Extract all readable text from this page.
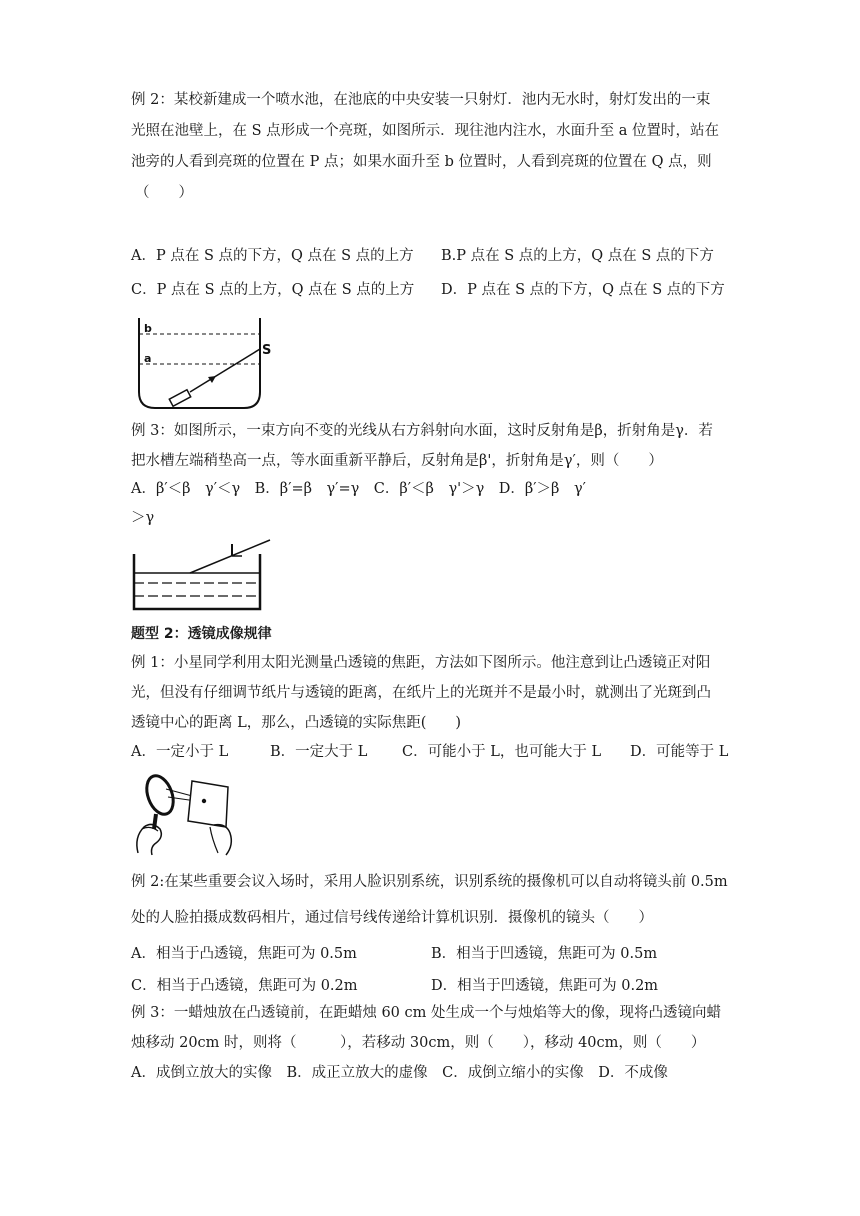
例 2：某校新建成一个喷水池，在池底的中央安装一只射灯．池内无水时，射灯发出的一束
光照在池壁上，在 S 点形成一个亮斑，如图所示．现往池内注水，水面升至 a 位置时，站在
池旁的人看到亮斑的位置在 P 点；如果水面升至 b 位置时，人看到亮斑的位置在 Q 点，则
（　　）
A．P 点在 S 点的下方，Q 点在 S 点的上方 B.P 点在 S 点的上方，Q 点在 S 点的下方
C．P 点在 S 点的上方，Q 点在 S 点的上方 D．P 点在 S 点的下方，Q 点在 S 点的下方
b
a
S
例 3：如图所示，一束方向不变的光线从右方斜射向水面，这时反射角是β，折射角是γ．若
把水槽左端稍垫高一点，等水面重新平静后，反射角是β'，折射角是γ′，则（　　）
A．β′＜β　γ′＜γ　B．β′=β　γ′=γ　C．β′＜β　γ'＞γ　D．β′＞β　γ′
＞γ
题型 2：透镜成像规律
例 1：小星同学利用太阳光测量凸透镜的焦距，方法如下图所示。他注意到让凸透镜正对阳
光，但没有仔细调节纸片与透镜的距离，在纸片上的光斑并不是最小时，就测出了光斑到凸
透镜中心的距离 L，那么，凸透镜的实际焦距(　　)
A．一定小于 L	B．一定大于 L C．可能小于 L，也可能大于 L D．可能等于 L
例 2:在某些重要会议入场时，采用人脸识别系统，识别系统的摄像机可以自动将镜头前 0.5m
处的人脸拍摄成数码相片，通过信号线传递给计算机识别．摄像机的镜头（　　）
A．相当于凸透镜，焦距可为 0.5m	B．相当于凹透镜，焦距可为 0.5m
C．相当于凸透镜，焦距可为 0.2m	D．相当于凹透镜，焦距可为 0.2m
例 3：一蜡烛放在凸透镜前，在距蜡烛 60 cm 处生成一个与烛焰等大的像，现将凸透镜向蜡
烛移动 20cm 时，则将（　　　），若移动 30cm，则（　　），移动 40cm，则（　　）
A．成倒立放大的实像　B．成正立放大的虚像　C．成倒立缩小的实像　D．不成像
